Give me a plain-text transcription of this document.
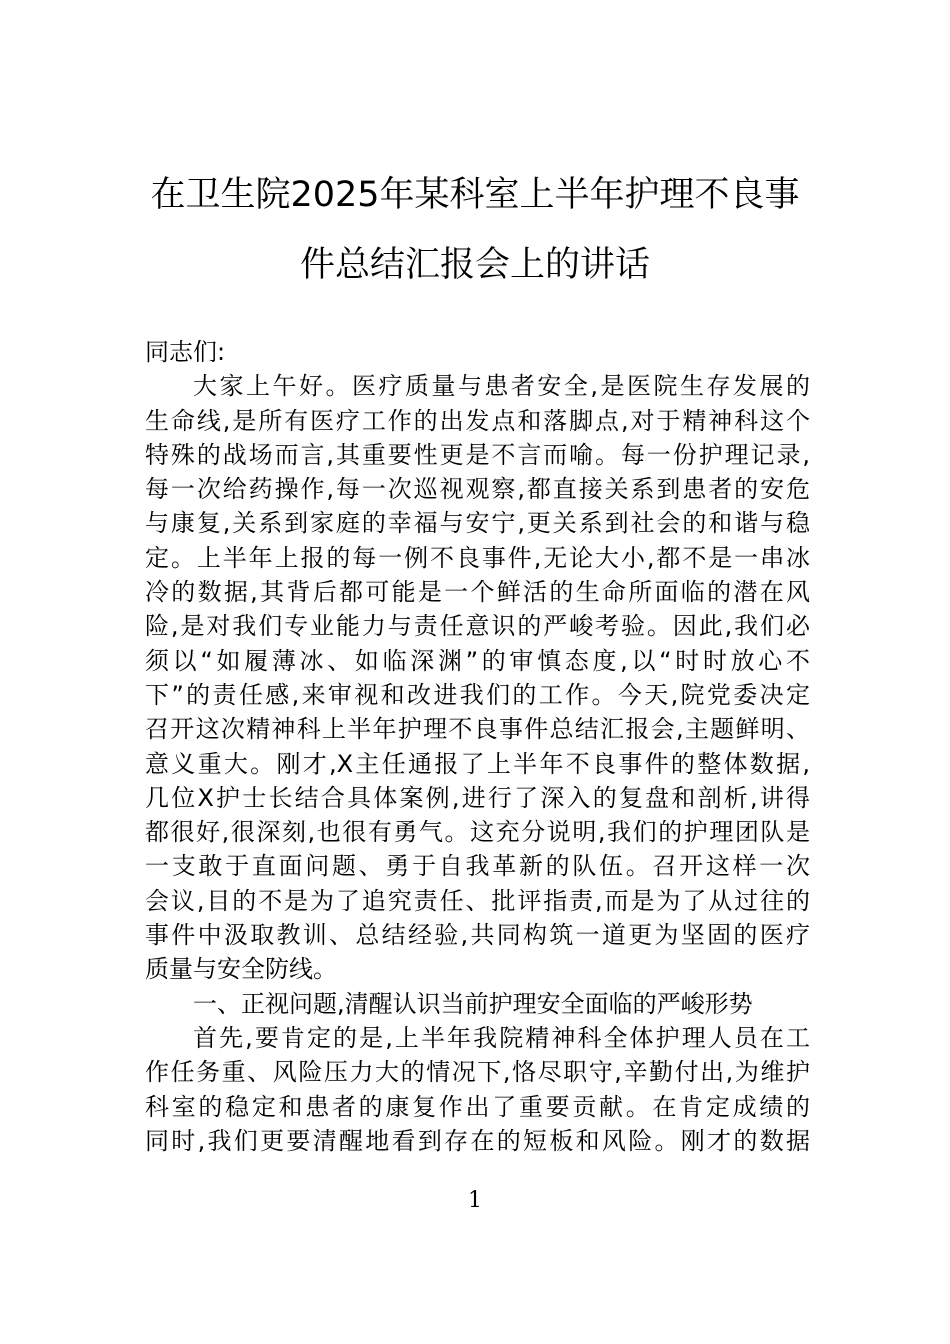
在卫生院2025年某科室上半年护理不良事
件总结汇报会上的讲话
同志们:
大家上午好。医疗质量与患者安全,是医院生存发展的
生命线,是所有医疗工作的出发点和落脚点,对于精神科这个
特殊的战场而言,其重要性更是不言而喻。每一份护理记录,
每一次给药操作,每一次巡视观察,都直接关系到患者的安危
与康复,关系到家庭的幸福与安宁,更关系到社会的和谐与稳
定。上半年上报的每一例不良事件,无论大小,都不是一串冰
冷的数据,其背后都可能是一个鲜活的生命所面临的潜在风
险,是对我们专业能力与责任意识的严峻考验。因此,我们必
须以“如履薄冰、如临深渊”的审慎态度,以“时时放心不
下”的责任感,来审视和改进我们的工作。今天,院党委决定
召开这次精神科上半年护理不良事件总结汇报会,主题鲜明、
意义重大。刚才,X主任通报了上半年不良事件的整体数据,
几位X护士长结合具体案例,进行了深入的复盘和剖析,讲得
都很好,很深刻,也很有勇气。这充分说明,我们的护理团队是
一支敢于直面问题、勇于自我革新的队伍。召开这样一次
会议,目的不是为了追究责任、批评指责,而是为了从过往的
事件中汲取教训、总结经验,共同构筑一道更为坚固的医疗
质量与安全防线。
一、正视问题,清醒认识当前护理安全面临的严峻形势
首先,要肯定的是,上半年我院精神科全体护理人员在工
作任务重、风险压力大的情况下,恪尽职守,辛勤付出,为维护
科室的稳定和患者的康复作出了重要贡献。在肯定成绩的
同时,我们更要清醒地看到存在的短板和风险。刚才的数据
1
